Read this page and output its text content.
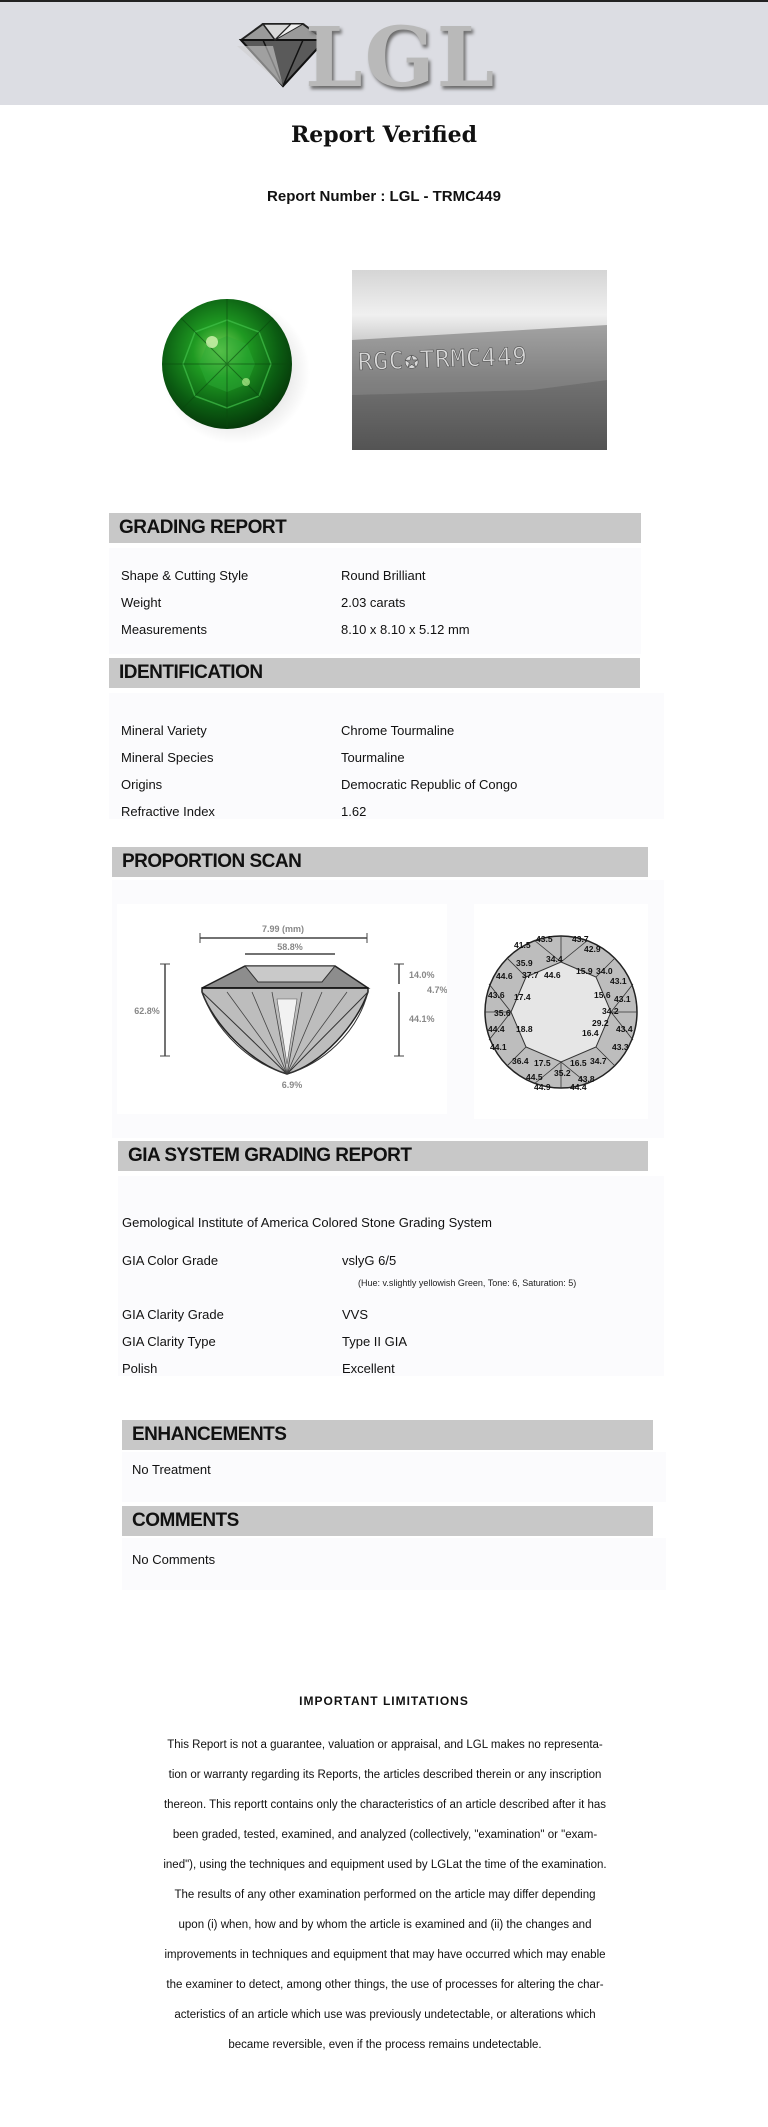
LGL
Report Verified
Report Number : LGL - TRMC449
RGC✪TRMC449
GRADING REPORT
Shape & Cutting Style	Round Brilliant
Weight	2.03 carats
Measurements	8.10 x 8.10 x 5.12 mm
IDENTIFICATION
Mineral Variety	Chrome Tourmaline
Mineral Species	Tourmaline
Origins	Democratic Republic of Congo
Refractive Index	1.62
PROPORTION SCAN
7.99 (mm)
58.8%
62.8%
14.0%
4.7%
44.1%
6.9%
41.5
43.5 43.7
35.9 34.4
42.9
44.6 37.7 44.6 15.9 34.0
43.1
43.6 17.4	15.6 43.1
35.6	34.2
29.2
44.4 18.8	16.4 43.4
44.1	43.3
36.4 17.5 16.5 34.7
44.5 35.2
43.8
44.9 44.4
GIA SYSTEM GRADING REPORT
Gemological Institute of America Colored Stone Grading System
GIA Color Grade	vslyG 6/5
(Hue: v.slightly yellowish Green, Tone: 6, Saturation: 5)
GIA Clarity Grade	VVS
GIA Clarity Type	Type II GIA
Polish	Excellent
ENHANCEMENTS
No Treatment
COMMENTS
No Comments
IMPORTANT LIMITATIONS
This Report is not a guarantee, valuation or appraisal, and LGL makes no representa-
tion or warranty regarding its Reports, the articles described therein or any inscription
thereon. This reportt contains only the characteristics of an article described after it has
been graded, tested, examined, and analyzed (collectively, "examination" or "exam-
ined"), using the techniques and equipment used by LGLat the time of the examination.
The results of any other examination performed on the article may differ depending
upon (i) when, how and by whom the article is examined and (ii) the changes and
improvements in techniques and equipment that may have occurred which may enable
the examiner to detect, among other things, the use of processes for altering the char-
acteristics of an article which use was previously undetectable, or alterations which
became reversible, even if the process remains undetectable.
